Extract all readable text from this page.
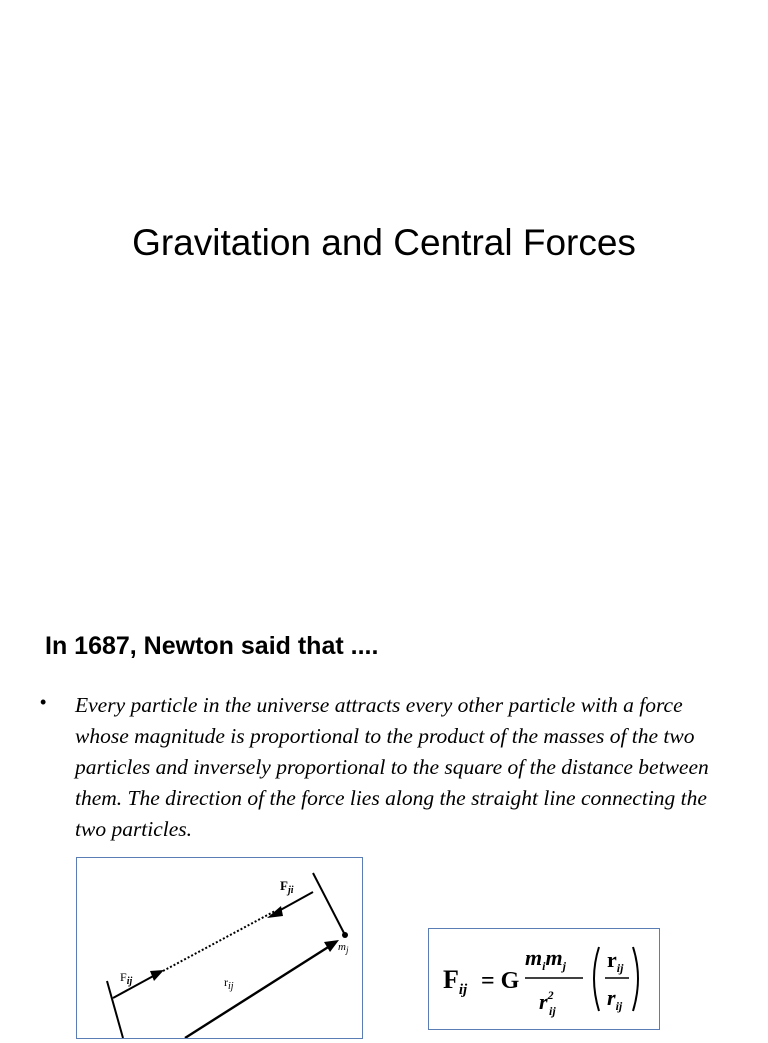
Gravitation and Central Forces
In 1687, Newton said that ....
• Every particle in the universe attracts every other particle with a force whose magnitude is proportional to the product of the masses of the two particles and inversely proportional to the square of the distance between them. The direction of the force lies along the straight line connecting the two particles.
$F_{ji}$
$F_{ij}$	$r_{ij}$
$m_j$
$F_{ij} = G$
$m_im_j$
$r^2$
ij
$r_{ij}$
$r_{ij}$
